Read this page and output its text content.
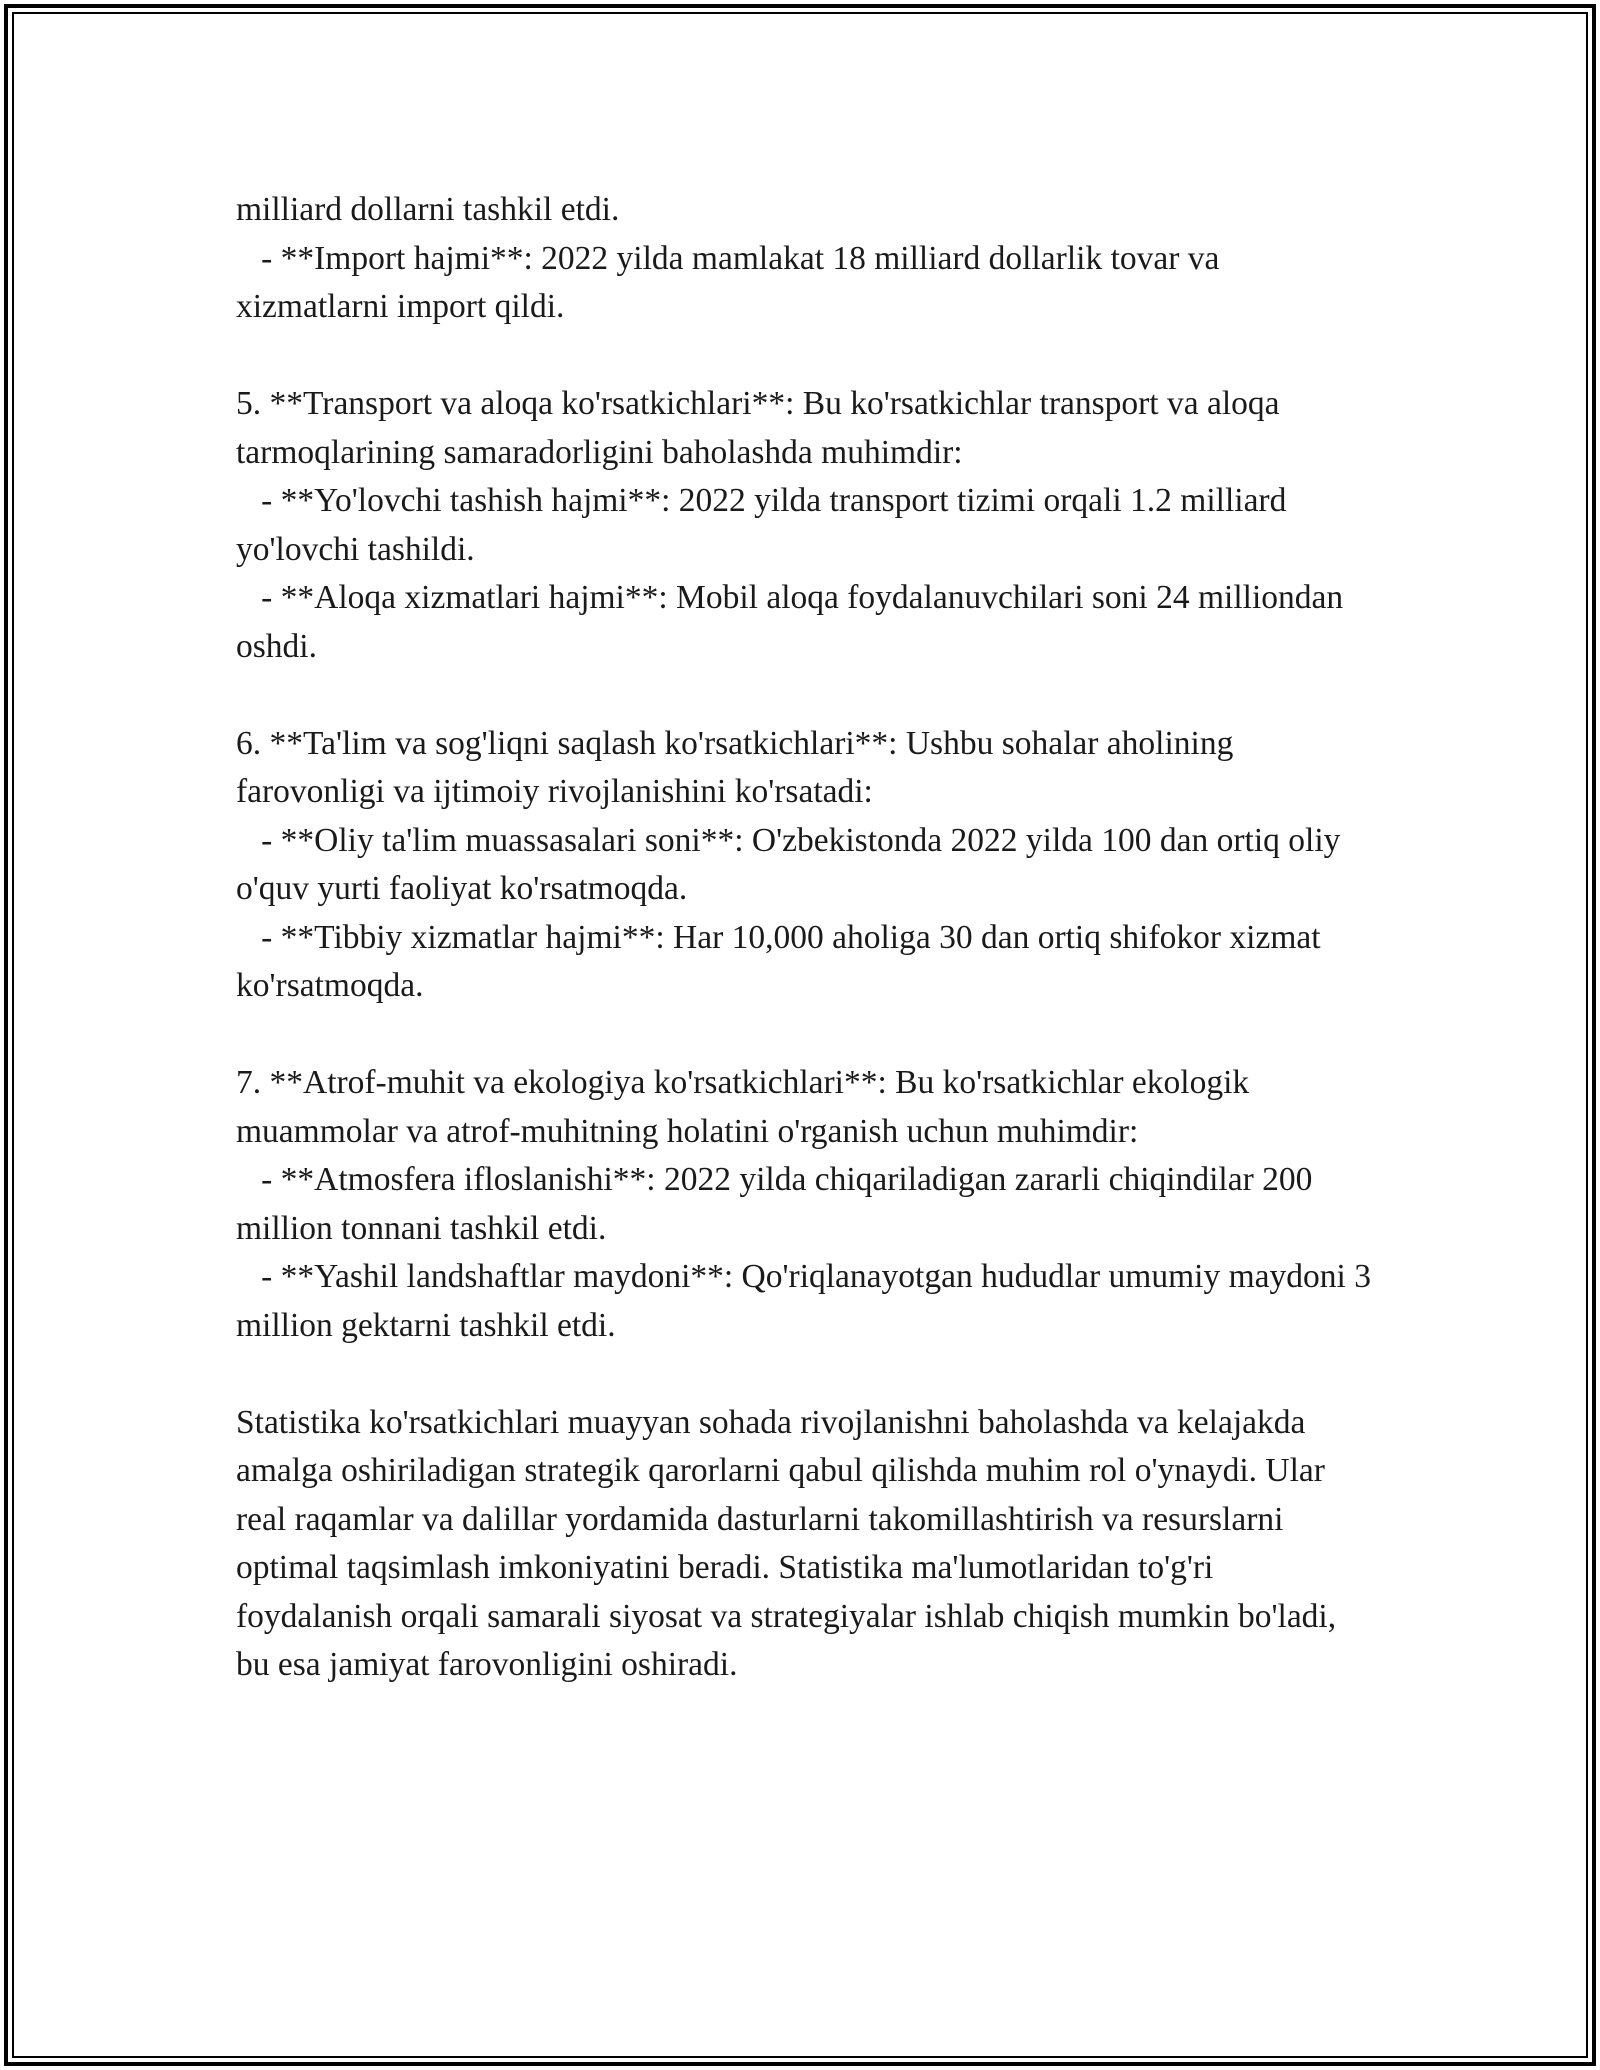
milliard dollarni tashkil etdi.

- **Import hajmi**: 2022 yilda mamlakat 18 milliard dollarlik tovar va xizmatlarni import qildi.

5. **Transport va aloqa ko'rsatkichlari**: Bu ko'rsatkichlar transport va aloqa tarmoqlarining samaradorligini baholashda muhimdir:

- **Yo'lovchi tashish hajmi**: 2022 yilda transport tizimi orqali 1.2 milliard yo'lovchi tashildi.

- **Aloqa xizmatlari hajmi**: Mobil aloqa foydalanuvchilari soni 24 milliondan oshdi.

6. **Ta'lim va sog'liqni saqlash ko'rsatkichlari**: Ushbu sohalar aholining farovonligi va ijtimoiy rivojlanishini ko'rsatadi:

- **Oliy ta'lim muassasalari soni**: O'zbekistonda 2022 yilda 100 dan ortiq oliy o'quv yurti faoliyat ko'rsatmoqda.

- **Tibbiy xizmatlar hajmi**: Har 10,000 aholiga 30 dan ortiq shifokor xizmat ko'rsatmoqda.

7. **Atrof-muhit va ekologiya ko'rsatkichlari**: Bu ko'rsatkichlar ekologik muammolar va atrof-muhitning holatini o'rganish uchun muhimdir:

- **Atmosfera ifloslanishi**: 2022 yilda chiqariladigan zararli chiqindilar 200 million tonnani tashkil etdi.

- **Yashil landshaftlar maydoni**: Qo'riqlanayotgan hududlar umumiy maydoni 3 million gektarni tashkil etdi.

Statistika ko'rsatkichlari muayyan sohada rivojlanishni baholashda va kelajakda amalga oshiriladigan strategik qarorlarni qabul qilishda muhim rol o'ynaydi. Ular real raqamlar va dalillar yordamida dasturlarni takomillashtirish va resurslarni optimal taqsimlash imkoniyatini beradi. Statistika ma'lumotlaridan to'g'ri foydalanish orqali samarali siyosat va strategiyalar ishlab chiqish mumkin bo'ladi, bu esa jamiyat farovonligini oshiradi.
